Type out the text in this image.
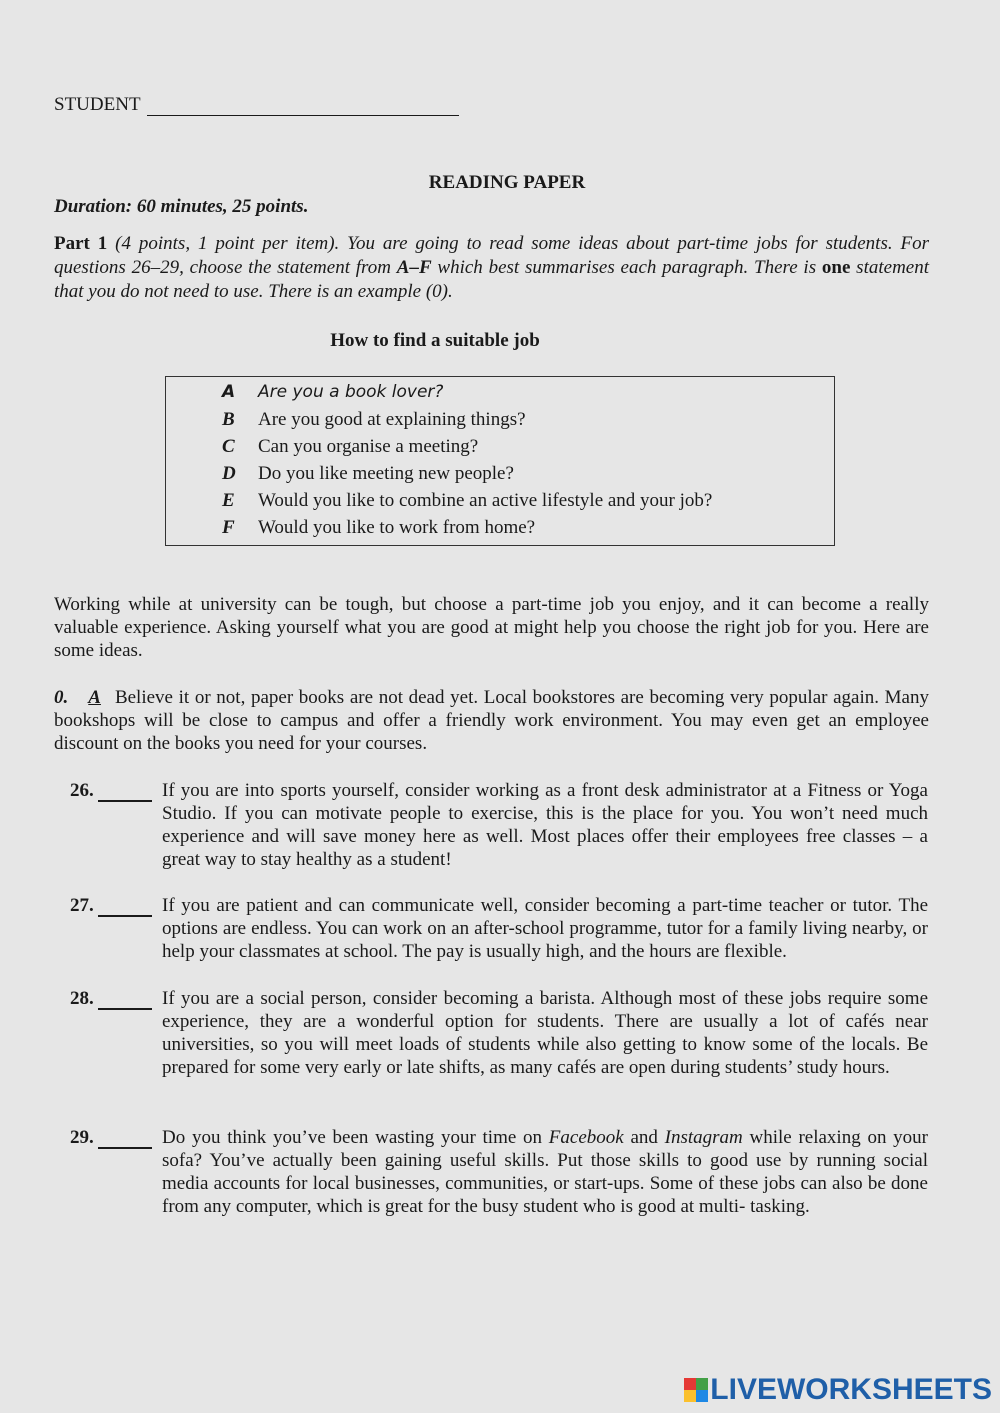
STUDENT
READING PAPER
Duration: 60 minutes, 25 points.
Part 1 (4 points, 1 point per item). You are going to read some ideas about part-time jobs for students. For questions 26–29, choose the statement from A–F which best summarises each paragraph. There is one statement that you do not need to use. There is an example (0).
How to find a suitable job
A Are you a book lover?
B Are you good at explaining things?
C Can you organise a meeting?
D Do you like meeting new people?
E Would you like to combine an active lifestyle and your job?
F Would you like to work from home?
Working while at university can be tough, but choose a part-time job you enjoy, and it can become a really valuable experience. Asking yourself what you are good at might help you choose the right job for you. Here are some ideas.
0. A Believe it or not, paper books are not dead yet. Local bookstores are becoming very popular again. Many bookshops will be close to campus and offer a friendly work environment. You may even get an employee discount on the books you need for your courses.
26.	If you are into sports yourself, consider working as a front desk administrator at a Fitness or Yoga Studio. If you can motivate people to exercise, this is the place for you. You won’t need much experience and will save money here as well. Most places offer their employees free classes – a great way to stay healthy as a student!
27.	If you are patient and can communicate well, consider becoming a part-time teacher or tutor. The options are endless. You can work on an after-school programme, tutor for a family living nearby, or help your classmates at school. The pay is usually high, and the hours are flexible.
28.	If you are a social person, consider becoming a barista. Although most of these jobs require some experience, they are a wonderful option for students. There are usually a lot of cafés near universities, so you will meet loads of students while also getting to know some of the locals. Be prepared for some very early or late shifts, as many cafés are open during students’ study hours.
29.	Do you think you’ve been wasting your time on Facebook and Instagram while relaxing on your sofa? You’ve actually been gaining useful skills. Put those skills to good use by running social media accounts for local businesses, communities, or start-ups. Some of these jobs can also be done from any computer, which is great for the busy student who is good at multi- tasking.
LIVEWORKSHEETS
